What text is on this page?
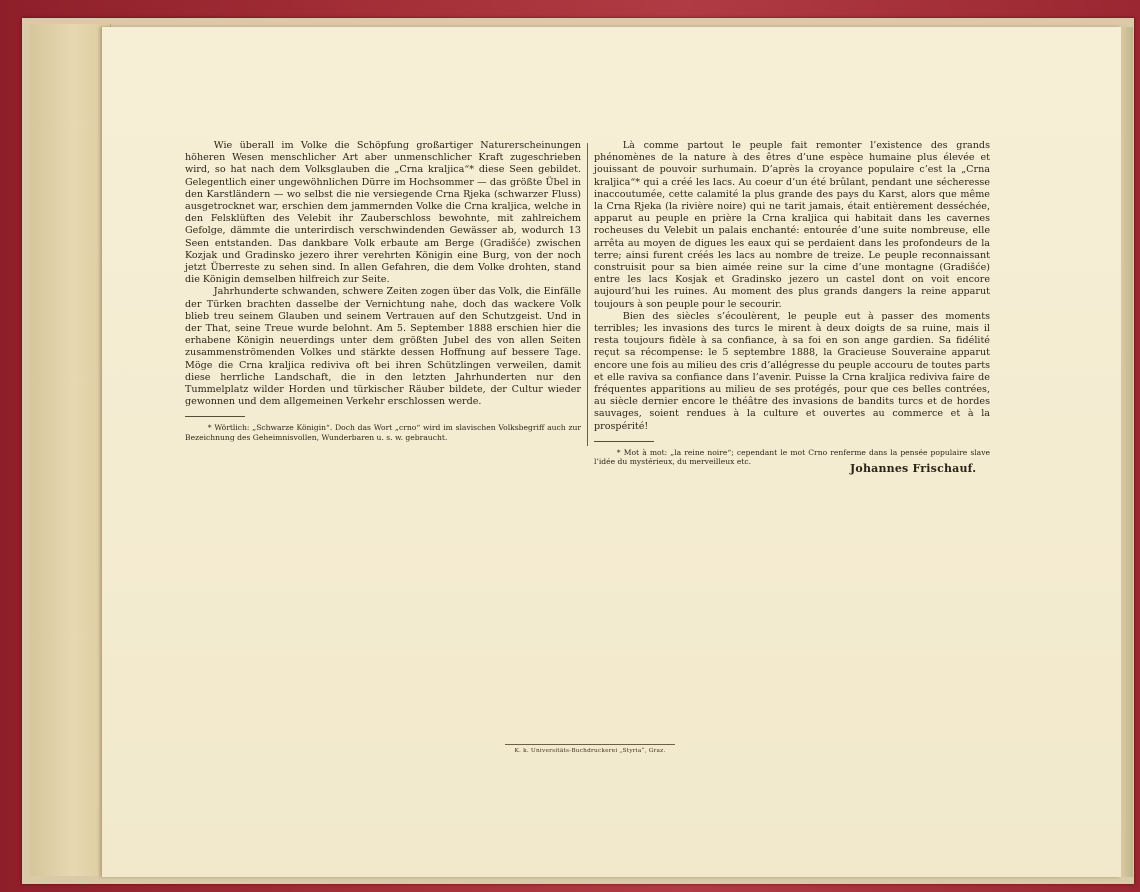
Wie überall im Volke die Schöpfung großartiger Naturerscheinungen höheren Wesen menschlicher Art aber unmenschlicher Kraft zugeschrieben wird, so hat nach dem Volksglauben die „Crna kraljica“* diese Seen gebildet. Gelegentlich einer ungewöhnlichen Dürre im Hochsommer — das größte Übel in den Karstländern — wo selbst die nie versiegende Crna Rjeka (schwarzer Fluss) ausgetrocknet war, erschien dem jammernden Volke die Crna kraljica, welche in den Felsklüften des Velebit ihr Zauberschloss bewohnte, mit zahlreichem Gefolge, dämmte die unterirdisch verschwindenden Gewässer ab, wodurch 13 Seen entstanden. Das dankbare Volk erbaute am Berge (Gradišće) zwischen Kozjak und Gradinsko jezero ihrer verehrten Königin eine Burg, von der noch jetzt Überreste zu sehen sind. In allen Gefahren, die dem Volke drohten, stand die Königin demselben hilfreich zur Seite.

Jahrhunderte schwanden, schwere Zeiten zogen über das Volk, die Einfälle der Türken brachten dasselbe der Vernichtung nahe, doch das wackere Volk blieb treu seinem Glauben und seinem Vertrauen auf den Schutzgeist. Und in der That, seine Treue wurde belohnt. Am 5. September 1888 erschien hier die erhabene Königin neuerdings unter dem größten Jubel des von allen Seiten zusammenströmenden Volkes und stärkte dessen Hoffnung auf bessere Tage. Möge die Crna kraljica rediviva oft bei ihren Schützlingen verweilen, damit diese herrliche Landschaft, die in den letzten Jahrhunderten nur den Tummelplatz wilder Horden und türkischer Räuber bildete, der Cultur wieder gewonnen und dem allgemeinen Verkehr erschlossen werde.

* Wörtlich: „Schwarze Königin“. Doch das Wort „crno“ wird im slavischen Volksbegriff auch zur Bezeichnung des Geheimnisvollen, Wunderbaren u. s. w. gebraucht.

Là comme partout le peuple fait remonter l’existence des grands phénomènes de la nature à des êtres d’une espèce humaine plus élevée et jouissant de pouvoir surhumain. D’après la croyance populaire c’est la „Crna kraljica“* qui a créé les lacs. Au coeur d’un été brûlant, pendant une sécheresse inaccoutumée, cette calamité la plus grande des pays du Karst, alors que même la Crna Rjeka (la rivière noire) qui ne tarit jamais, était entièrement desséchée, apparut au peuple en prière la Crna kraljica qui habitait dans les cavernes rocheuses du Velebit un palais enchanté: entourée d’une suite nombreuse, elle arrêta au moyen de digues les eaux qui se perdaient dans les profondeurs de la terre; ainsi furent créés les lacs au nombre de treize. Le peuple reconnaissant construisit pour sa bien aimée reine sur la cime d’une montagne (Gradišće) entre les lacs Kosjak et Gradinsko jezero un castel dont on voit encore aujourd’hui les ruines. Au moment des plus grands dangers la reine apparut toujours à son peuple pour le secourir.

Bien des siècles s’écoulèrent, le peuple eut à passer des moments terribles; les invasions des turcs le mirent à deux doigts de sa ruine, mais il resta toujours fidèle à sa confiance, à sa foi en son ange gardien. Sa fidélité reçut sa récompense: le 5 septembre 1888, la Gracieuse Souveraine apparut encore une fois au milieu des cris d’allégresse du peuple accouru de toutes parts et elle raviva sa confiance dans l’avenir. Puisse la Crna kraljica rediviva faire de fréquentes apparitions au milieu de ses protégés, pour que ces belles contrées, au siècle dernier encore le théâtre des invasions de bandits turcs et de hordes sauvages, soient rendues à la culture et ouvertes au commerce et à la prospérité!

* Mot à mot: „la reine noire“; cependant le mot Crno renferme dans la pensée populaire slave l’idée du mystérieux, du merveilleux etc.

Johannes Frischauf.
K. k. Universitäts-Buchdruckerei „Styria“, Graz.
